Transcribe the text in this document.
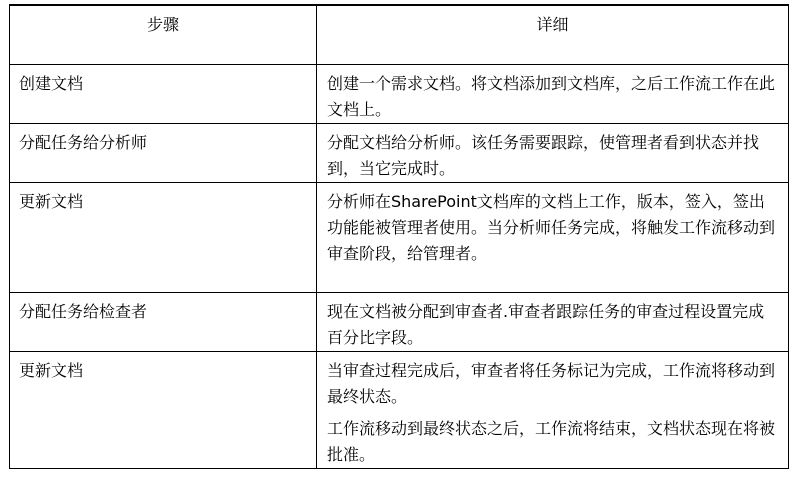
步骤	详细
创建文档	创建一个需求文档。将文档添加到文档库，之后工作流工作在此文档上。

分配任务给分析师	分配文档给分析师。该任务需要跟踪，使管理者看到状态并找到，当它完成时。

更新文档	分析师在SharePoint文档库的文档上工作，版本，签入，签出功能能被管理者使用。当分析师任务完成，将触发工作流移动到审查阶段，给管理者。

分配任务给检查者	现在文档被分配到审查者.审查者跟踪任务的审查过程设置完成百分比字段。

更新文档	当审查过程完成后，审查者将任务标记为完成，工作流将移动到最终状态。
工作流移动到最终状态之后，工作流将结束，文档状态现在将被批准。
